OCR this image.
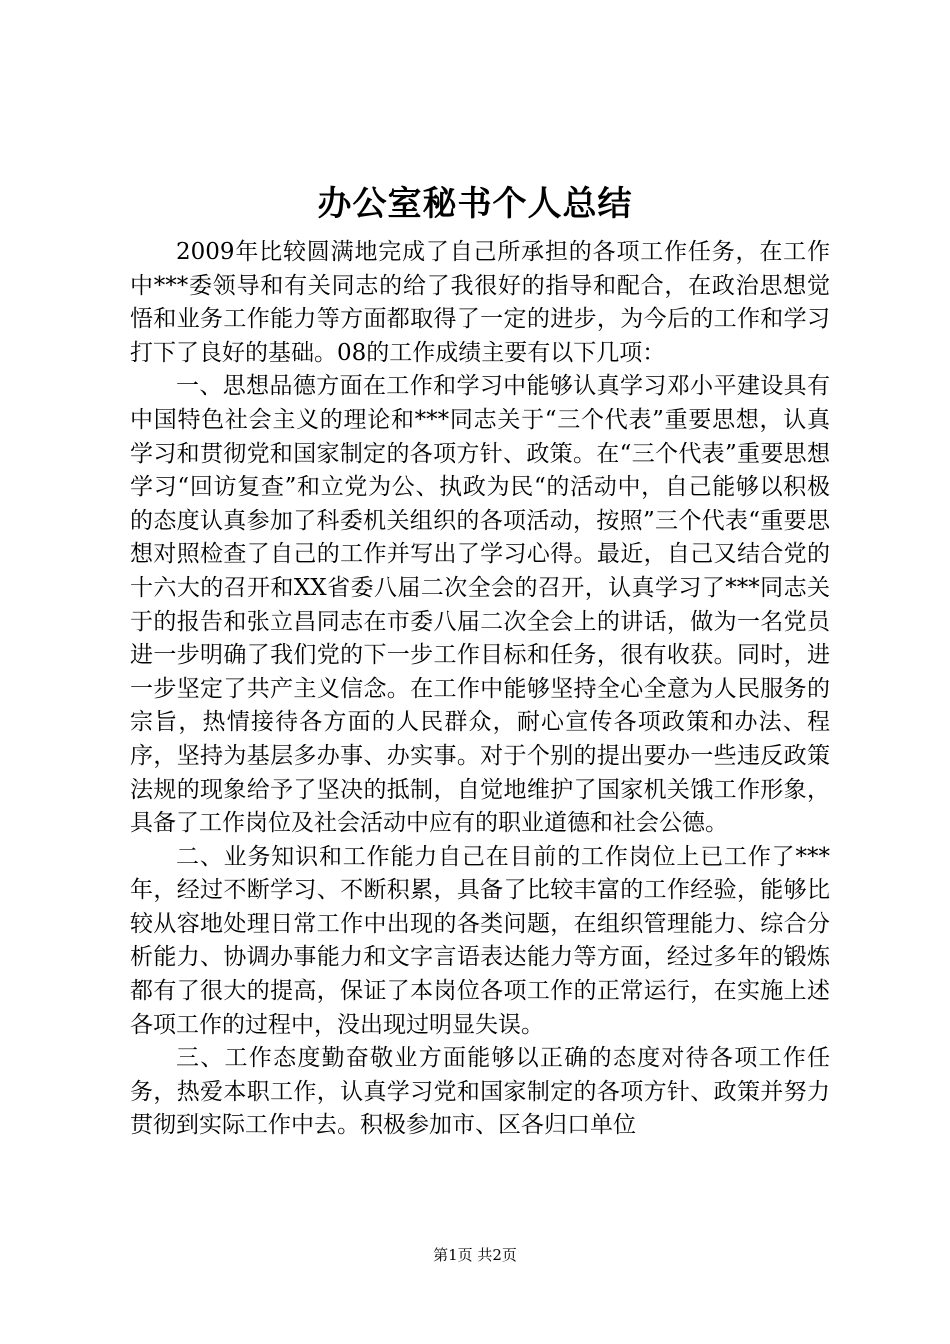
办公室秘书个人总结

2009年比较圆满地完成了自己所承担的各项工作任务，在工作中***委领导和有关同志的给了我很好的指导和配合，在政治思想觉悟和业务工作能力等方面都取得了一定的进步，为今后的工作和学习打下了良好的基础。08的工作成绩主要有以下几项：

一、思想品德方面在工作和学习中能够认真学习邓小平建设具有中国特色社会主义的理论和***同志关于“三个代表”重要思想，认真学习和贯彻党和国家制定的各项方针、政策。在“三个代表”重要思想学习“回访复查”和立党为公、执政为民“的活动中，自己能够以积极的态度认真参加了科委机关组织的各项活动，按照”三个代表“重要思想对照检查了自己的工作并写出了学习心得。最近，自己又结合党的十六大的召开和XX省委八届二次全会的召开，认真学习了***同志关于的报告和张立昌同志在市委八届二次全会上的讲话，做为一名党员进一步明确了我们党的下一步工作目标和任务，很有收获。同时，进一步坚定了共产主义信念。在工作中能够坚持全心全意为人民服务的宗旨，热情接待各方面的人民群众，耐心宣传各项政策和办法、程序，坚持为基层多办事、办实事。对于个别的提出要办一些违反政策法规的现象给予了坚决的抵制，自觉地维护了国家机关饿工作形象，具备了工作岗位及社会活动中应有的职业道德和社会公德。

二、业务知识和工作能力自己在目前的工作岗位上已工作了***年，经过不断学习、不断积累，具备了比较丰富的工作经验，能够比较从容地处理日常工作中出现的各类问题，在组织管理能力、综合分析能力、协调办事能力和文字言语表达能力等方面，经过多年的锻炼都有了很大的提高，保证了本岗位各项工作的正常运行，在实施上述各项工作的过程中，没出现过明显失误。

三、工作态度勤奋敬业方面能够以正确的态度对待各项工作任务，热爱本职工作，认真学习党和国家制定的各项方针、政策并努力贯彻到实际工作中去。积极参加市、区各归口单位

第1页 共2页
